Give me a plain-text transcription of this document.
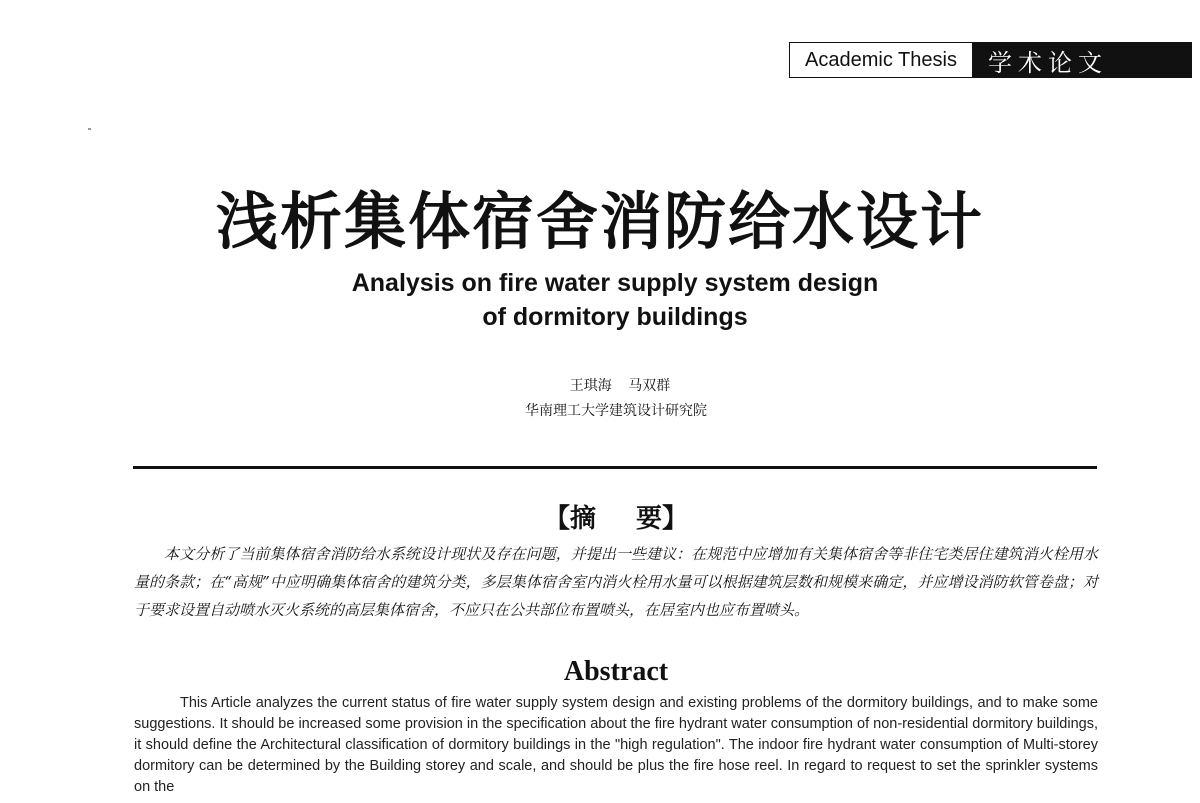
Academic Thesis	学术论文
浅析集体宿舍消防给水设计
Analysis on fire water supply system design
of dormitory buildings
王琪海 马双群
华南理工大学建筑设计研究院
【摘 要】

本文分析了当前集体宿舍消防给水系统设计现状及存在问题，并提出一些建议：在规范中应增加有关集体宿舍等非住宅类居住建筑消火栓用水量的条款；在“高规”中应明确集体宿舍的建筑分类，多层集体宿舍室内消火栓用水量可以根据建筑层数和规模来确定，并应增设消防软管卷盘；对于要求设置自动喷水灭火系统的高层集体宿舍，不应只在公共部位布置喷头，在居室内也应布置喷头。

Abstract

This Article analyzes the current status of fire water supply system design and existing problems of the dormitory buildings, and to make some suggestions. It should be increased some provision in the specification about the fire hydrant water consumption of non-residential dormitory buildings, it should define the Architectural classification of dormitory buildings in the "high regulation". The indoor fire hydrant water consumption of Multi-storey dormitory can be determined by the Building storey and scale, and should be plus the fire hose reel. In regard to request to set the sprinkler systems on the
